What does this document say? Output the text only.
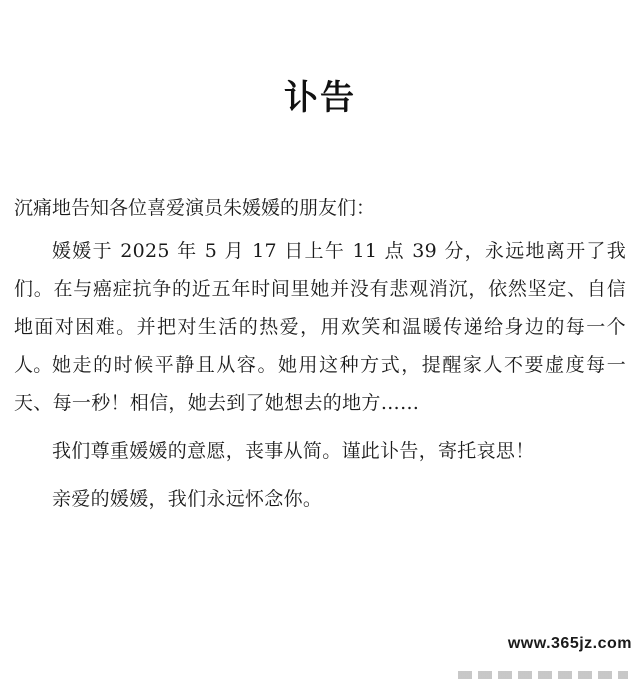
讣告
沉痛地告知各位喜爱演员朱媛媛的朋友们：
媛媛于 2025 年 5 月 17 日上午 11 点 39 分，永远地离开了我们。在与癌症抗争的近五年时间里她并没有悲观消沉，依然坚定、自信地面对困难。并把对生活的热爱，用欢笑和温暖传递给身边的每一个人。 她走的时候平静且从容。她用这种方式，提醒家人不要虚度每一天、每一秒！相信，她去到了她想去的地方……
我们尊重媛媛的意愿，丧事从简。谨此讣告，寄托哀思！
亲爱的媛媛，我们永远怀念你。
www.365jz.com
